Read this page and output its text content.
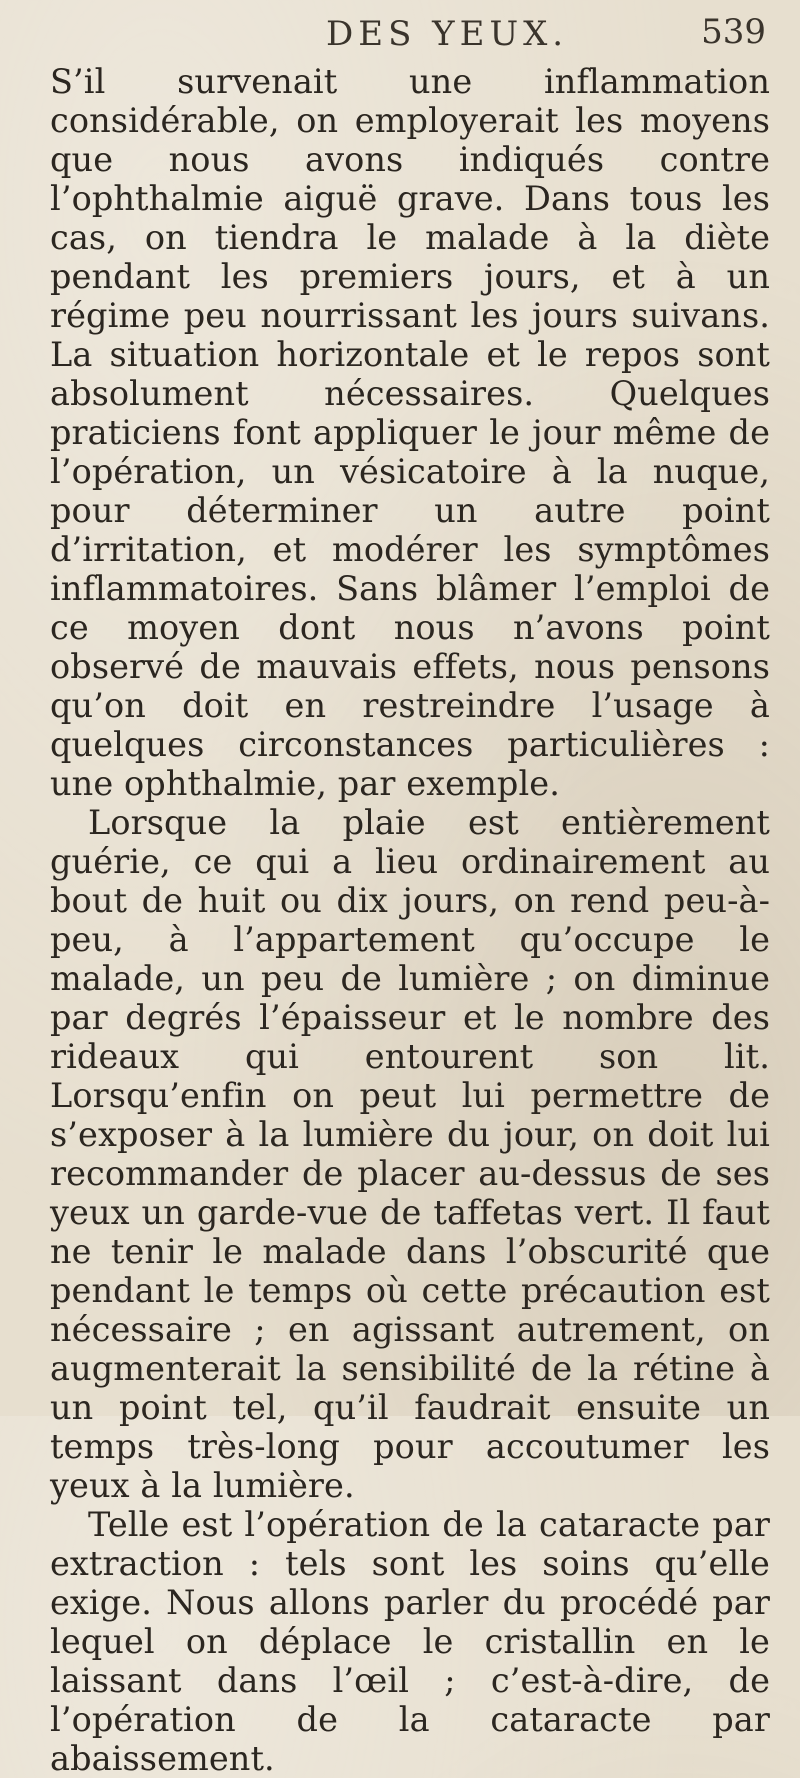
DES YEUX.	539

S’il survenait une inflammation considérable, on employerait les moyens que nous avons indiqués contre l’ophthalmie aiguë grave. Dans tous les cas, on tiendra le malade à la diète pendant les premiers jours, et à un régime peu nourrissant les jours suivans. La situation horizontale et le repos sont absolument nécessaires. Quelques praticiens font appliquer le jour même de l’opération, un vésicatoire à la nuque, pour déterminer un autre point d’irritation, et modérer les symptômes inflammatoires. Sans blâmer l’emploi de ce moyen dont nous n’avons point observé de mauvais effets, nous pensons qu’on doit en restreindre l’usage à quelques circonstances particulières : une ophthalmie, par exemple.

Lorsque la plaie est entièrement guérie, ce qui a lieu ordinairement au bout de huit ou dix jours, on rend peu-à-peu, à l’appartement qu’occupe le malade, un peu de lumière ; on diminue par degrés l’épaisseur et le nombre des rideaux qui entourent son lit. Lorsqu’enfin on peut lui permettre de s’exposer à la lumière du jour, on doit lui recommander de placer au-dessus de ses yeux un garde-vue de taffetas vert. Il faut ne tenir le malade dans l’obscurité que pendant le temps où cette précaution est nécessaire ; en agissant autrement, on augmenterait la sensibilité de la rétine à un point tel, qu’il faudrait ensuite un temps très-long pour accoutumer les yeux à la lumière.

Telle est l’opération de la cataracte par extraction : tels sont les soins qu’elle exige. Nous allons parler du procédé par lequel on déplace le cristallin en le laissant dans l’œil ; c’est-à-dire, de l’opération de la cataracte par abaissement.
